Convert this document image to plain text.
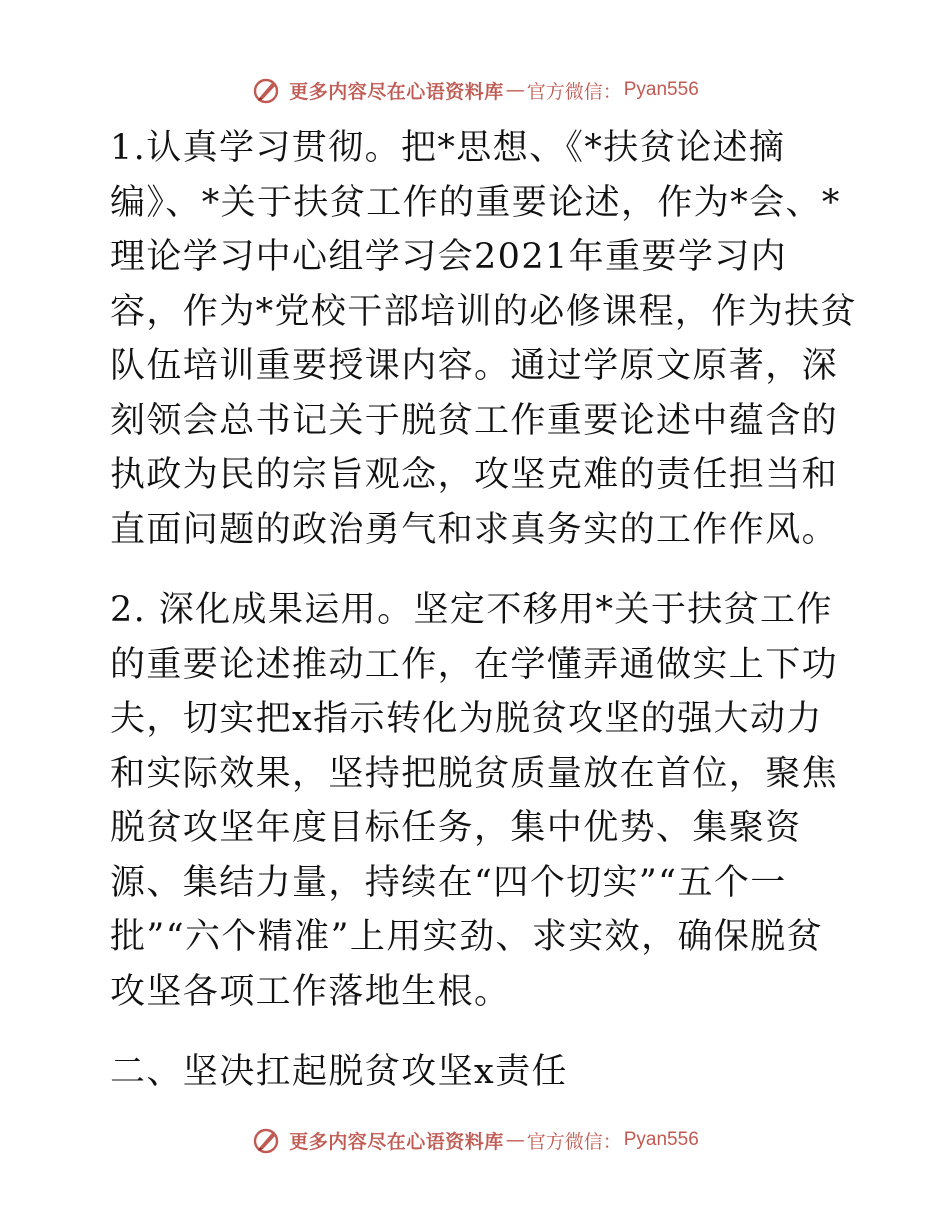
更多内容尽在心语资料库 — 官方微信： Pyan556

1.认真学习贯彻。把*思想、《*扶贫论述摘编》、*关于扶贫工作的重要论述，作为*会、*理论学习中心组学习会2021年重要学习内容，作为*党校干部培训的必修课程，作为扶贫队伍培训重要授课内容。通过学原文原著，深刻领会总书记关于脱贫工作重要论述中蕴含的执政为民的宗旨观念，攻坚克难的责任担当和直面问题的政治勇气和求真务实的工作作风。

2. 深化成果运用。坚定不移用*关于扶贫工作的重要论述推动工作，在学懂弄通做实上下功夫，切实把x指示转化为脱贫攻坚的强大动力和实际效果，坚持把脱贫质量放在首位，聚焦脱贫攻坚年度目标任务，集中优势、集聚资源、集结力量，持续在“四个切实”“五个一批”“六个精准”上用实劲、求实效，确保脱贫攻坚各项工作落地生根。

二、坚决扛起脱贫攻坚x责任

更多内容尽在心语资料库 — 官方微信： Pyan556
